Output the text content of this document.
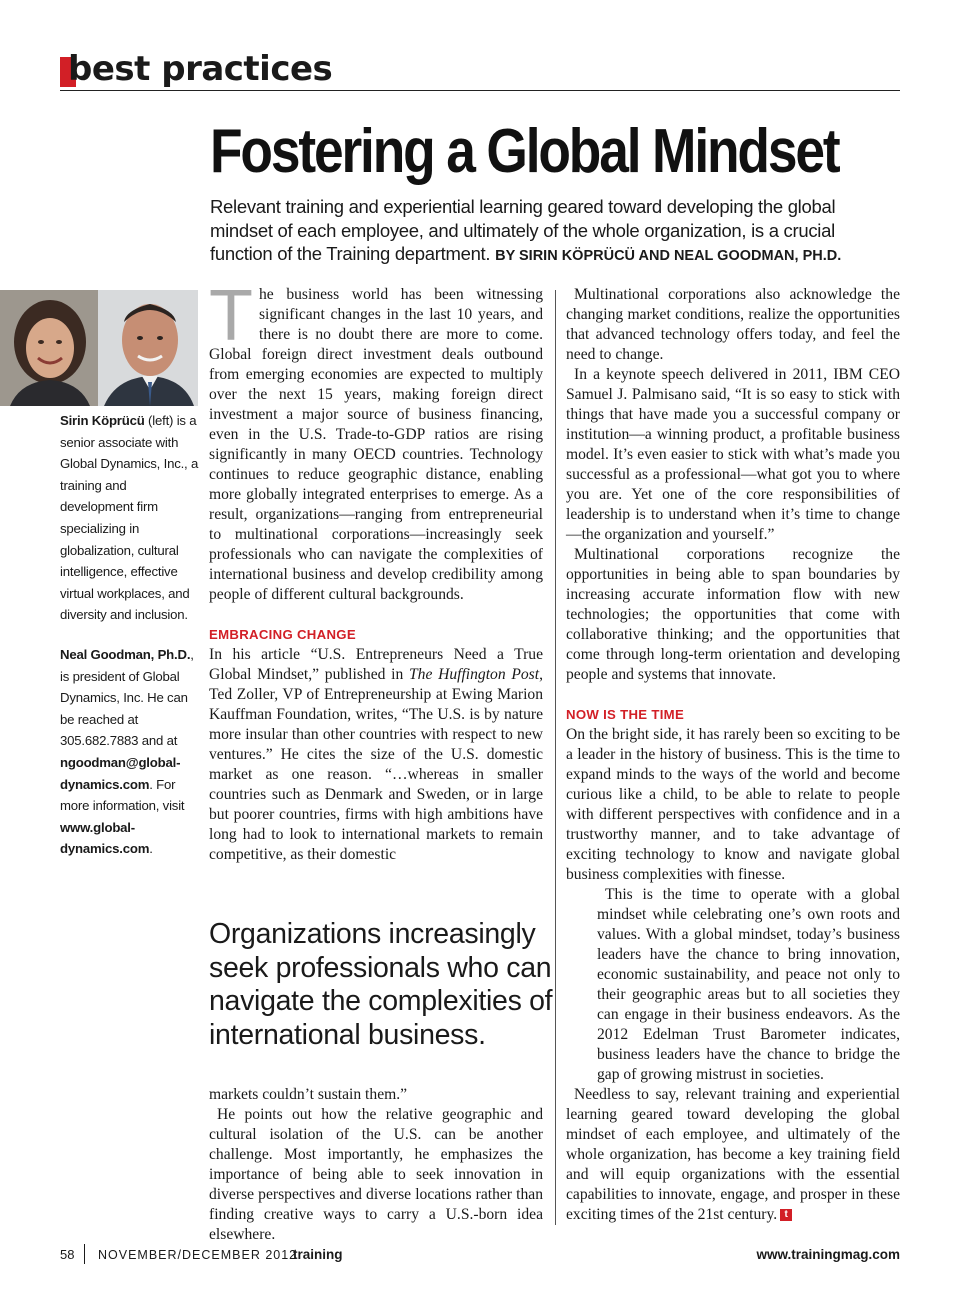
best practices
Fostering a Global Mindset
Relevant training and experiential learning geared toward developing the global mindset of each employee, and ultimately of the whole organization, is a crucial function of the Training department. BY SIRIN KÖPRÜCÜ AND NEAL GOODMAN, PH.D.

Sirin Köprücü (left) is a senior associate with Global Dynamics, Inc., a training and development firm specializing in globalization, cultural intelligence, effective virtual workplaces, and diversity and inclusion.

Neal Goodman, Ph.D., is president of Global Dynamics, Inc. He can be reached at 305.682.7883 and at ngoodman@global-dynamics.com. For more information, visit www.global-dynamics.com.

The business world has been witnessing significant changes in the last 10 years, and there is no doubt there are more to come. Global foreign direct investment deals outbound from emerging economies are expected to multiply over the next 15 years, making foreign direct investment a major source of business financing, even in the U.S. Trade-to-GDP ratios are rising significantly in many OECD countries. Technology continues to reduce geographic distance, enabling more globally integrated enterprises to emerge. As a result, organizations—ranging from entrepreneurial to multinational corporations—increasingly seek professionals who can navigate the complexities of international business and develop credibility among people of different cultural backgrounds.

EMBRACING CHANGE

In his article “U.S. Entrepreneurs Need a True Global Mindset,” published in The Huffington Post, Ted Zoller, VP of Entrepreneurship at Ewing Marion Kauffman Foundation, writes, “The U.S. is by nature more insular than other countries with respect to new ventures.” He cites the size of the U.S. domestic market as one reason. “…whereas in smaller countries such as Denmark and Sweden, or in large but poorer countries, firms with high ambitions have long had to look to international markets to remain competitive, as their domestic

Organizations increasingly seek professionals who can navigate the complexities of international business.

markets couldn’t sustain them.”

He points out how the relative geographic and cultural isolation of the U.S. can be another challenge. Most importantly, he emphasizes the importance of being able to seek innovation in diverse perspectives and diverse locations rather than finding creative ways to carry a U.S.-born idea elsewhere.

Multinational corporations also acknowledge the changing market conditions, realize the opportunities that advanced technology offers today, and feel the need to change.

In a keynote speech delivered in 2011, IBM CEO Samuel J. Palmisano said, “It is so easy to stick with things that have made you a successful company or institution—a winning product, a profitable business model. It’s even easier to stick with what’s made you successful as a professional—what got you to where you are. Yet one of the core responsibilities of leadership is to understand when it’s time to change—the organization and yourself.”

Multinational corporations recognize the opportunities in being able to span boundaries by increasing accurate information flow with new technologies; the opportunities that come with collaborative thinking; and the opportunities that come through long-term orientation and developing people and systems that innovate.

NOW IS THE TIME

On the bright side, it has rarely been so exciting to be a leader in the history of business. This is the time to expand minds to the ways of the world and become curious like a child, to be able to relate to people with different perspectives with confidence and in a trustworthy manner, and to take advantage of exciting technology to know and navigate global business complexities with finesse.

This is the time to operate with a global mindset while celebrating one’s own roots and values. With a global mindset, today’s business leaders have the chance to bring innovation, economic sustainability, and peace not only to their geographic areas but to all societies they can engage in their business endeavors. As the 2012 Edelman Trust Barometer indicates, business leaders have the chance to bridge the gap of growing mistrust in societies.

Needless to say, relevant training and experiential learning geared toward developing the global mindset of each employee, and ultimately of the whole organization, has become a key training field and will equip organizations with the essential capabilities to innovate, engage, and prosper in these exciting times of the 21st century. t

58 NOVEMBER/DECEMBER 2012
training	www.trainingmag.com
